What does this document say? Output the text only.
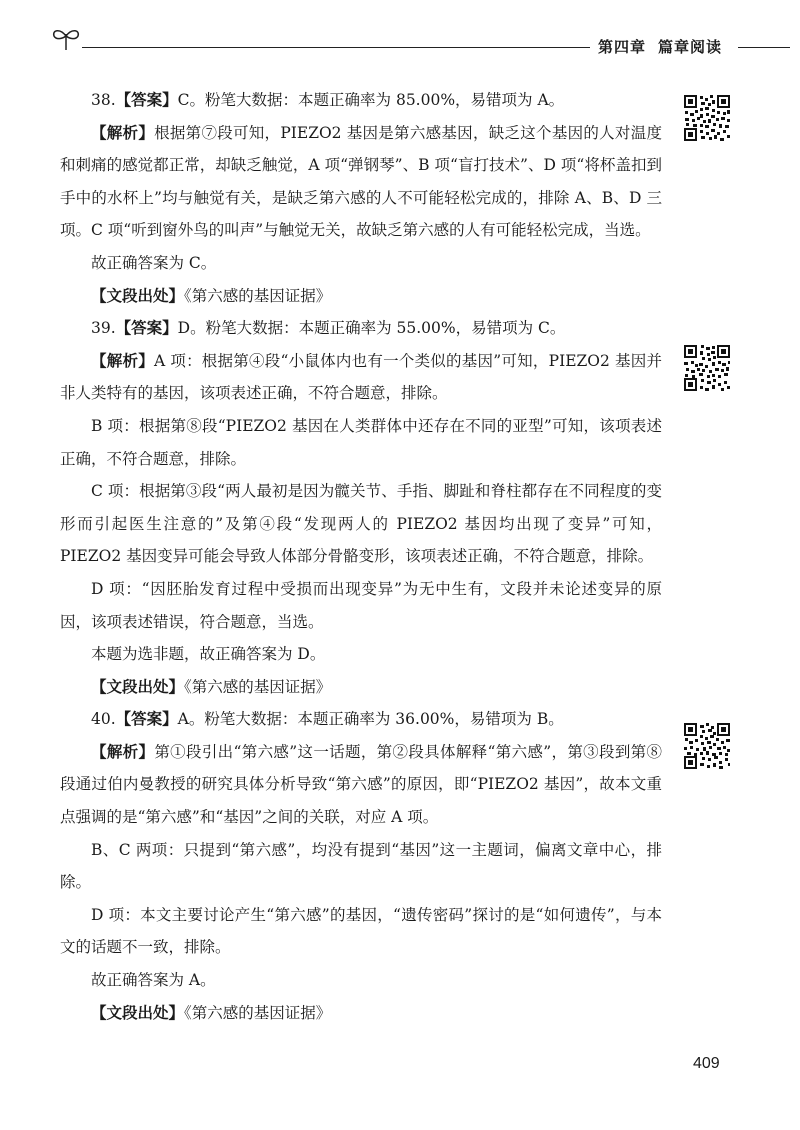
第四章 篇章阅读

38.【答案】C。粉笔大数据：本题正确率为 85.00%，易错项为 A。

【解析】根据第⑦段可知，PIEZO2 基因是第六感基因，缺乏这个基因的人对温度和刺痛的感觉都正常，却缺乏触觉，A 项“弹钢琴”、B 项“盲打技术”、D 项“将杯盖扣到手中的水杯上”均与触觉有关，是缺乏第六感的人不可能轻松完成的，排除 A、B、D 三项。C 项“听到窗外鸟的叫声”与触觉无关，故缺乏第六感的人有可能轻松完成，当选。

故正确答案为 C。

【文段出处】《第六感的基因证据》

39.【答案】D。粉笔大数据：本题正确率为 55.00%，易错项为 C。

【解析】A 项：根据第④段“小鼠体内也有一个类似的基因”可知，PIEZO2 基因并非人类特有的基因，该项表述正确，不符合题意，排除。

B 项：根据第⑧段“PIEZO2 基因在人类群体中还存在不同的亚型”可知，该项表述正确，不符合题意，排除。

C 项：根据第③段“两人最初是因为髋关节、手指、脚趾和脊柱都存在不同程度的变形而引起医生注意的”及第④段“发现两人的 PIEZO2 基因均出现了变异”可知，PIEZO2 基因变异可能会导致人体部分骨骼变形，该项表述正确，不符合题意，排除。

D 项：“因胚胎发育过程中受损而出现变异”为无中生有，文段并未论述变异的原因，该项表述错误，符合题意，当选。

本题为选非题，故正确答案为 D。

【文段出处】《第六感的基因证据》

40.【答案】A。粉笔大数据：本题正确率为 36.00%，易错项为 B。

【解析】第①段引出“第六感”这一话题，第②段具体解释“第六感”，第③段到第⑧段通过伯内曼教授的研究具体分析导致“第六感”的原因，即“PIEZO2 基因”，故本文重点强调的是“第六感”和“基因”之间的关联，对应 A 项。

B、C 两项：只提到“第六感”，均没有提到“基因”这一主题词，偏离文章中心，排除。

D 项：本文主要讨论产生“第六感”的基因，“遗传密码”探讨的是“如何遗传”，与本文的话题不一致，排除。

故正确答案为 A。

【文段出处】《第六感的基因证据》

409
